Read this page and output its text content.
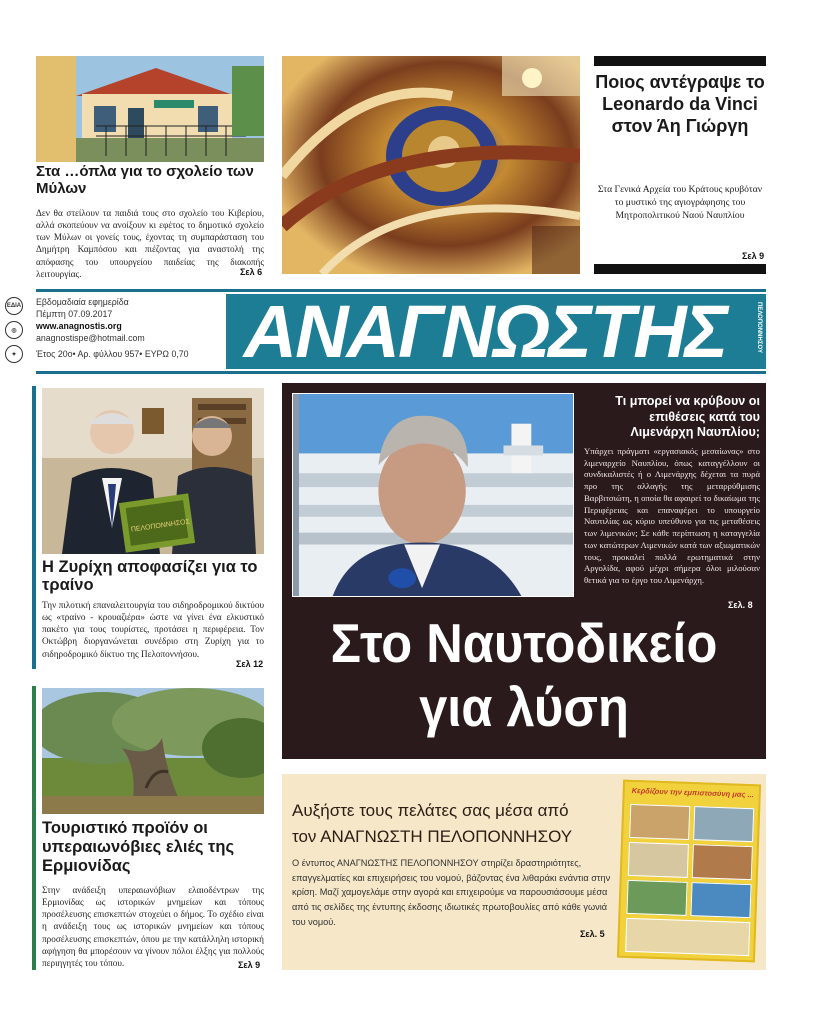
Στα …όπλα για το σχολείο των Μύλων
Δεν θα στείλουν τα παιδιά τους στο σχολείο του Κιβερίου, αλλά σκοπεύουν να ανοίξουν κι εφέτος το δημοτικό σχολείο των Μύλων οι γονείς τους, έχοντας τη συμπαράσταση του Δημήτρη Καμπόσου και πιέζοντας για αναστολή της απόφασης του υπουργείου παιδείας της διακοπής λειτουργίας.	Σελ 6
Ποιος αντέγραψε το Leonardo da Vinci στον Άη Γιώργη
Στα Γενικά Αρχεία του Κράτους κρυβόταν το μυστικό της αγιογράφησης του Μητροπολιτικού Ναού Ναυπλίου
Σελ 9
ΕΔΙΑ
◎
✦
Εβδομαδιαία εφημερίδα
Πέμπτη 07.09.2017
www.anagnostis.org
anagnostispe@hotmail.com
Έτος 20ο• Αρ. φύλλου 957• ΕΥΡΩ 0,70 ΑΝΑΓΝΩΣΤΗΣ	ΠΕΛΟΠΟΝΝΗΣΟΥ
ΠΕΛΟΠΟΝΝΗΣΟΣ
Η Ζυρίχη αποφασίζει για το τραίνο
Την πιλοτική επαναλειτουργία του σιδηροδρομικού δικτύου ως «τραίνο - κρουαζιέρα» ώστε να γίνει ένα ελκυστικό πακέτο για τους τουρίστες, προτάσει η περιφέρεια. Τον Οκτώβρη διοργανώνεται συνέδριο στη Ζυρίχη για το σιδηροδρομικό δίκτυο της Πελοποννήσου.
Σελ 12
Τουριστικό προϊόν οι υπεραιωνόβιες ελιές της Ερμιονίδας
Στην ανάδειξη υπεραιωνόβιων ελαιοδέντρων της Ερμιονίδας ως ιστορικών μνημείων και τόπους προσέλευσης επισκεπτών στοχεύει ο δήμος. Το σχέδιο είναι η ανάδειξη τους ως ιστορικών μνημείων και τόπους προσέλευσης επισκεπτών, όπου με την κατάλληλη ιστορική αφήγηση θα μπορέσουν να γίνουν πόλοι έλξης για πολλούς περιηγητές του τόπου.	Σελ 9
Τι μπορεί να κρύβουν οι επιθέσεις κατά του Λιμενάρχη Ναυπλίου;
Υπάρχει πράγματι «εργασιακός μεσαίωνας» στο λιμεναρχείο Ναυπλίου, όπως καταγγέλλουν οι συνδικαλιστές ή ο Λιμενάρχης δέχεται τα πυρά προ της αλλαγής της μεταρρύθμισης Βαρβιτσιώτη, η οποία θα αφαιρεί το δικαίωμα της Περιφέρειας και επαναφέρει το υπουργείο Ναυτιλίας ως κύριο υπεύθυνο για τις μεταθέσεις των λιμενικών; Σε κάθε περίπτωση η καταγγελία των κατώτερων Λιμενικών κατά των αξιωματικών τους, προκαλεί πολλά ερωτηματικά στην Αργολίδα, αφού μέχρι σήμερα όλοι μιλούσαν θετικά για το έργο του Λιμενάρχη.
Σελ. 8
Στο Ναυτοδικείο για λύση
Αυξήστε τους πελάτες σας μέσα από
τον ΑΝΑΓΝΩΣΤΗ ΠΕΛΟΠΟΝΝΗΣΟΥ
Ο έντυπος ΑΝΑΓΝΩΣΤΗΣ ΠΕΛΟΠΟΝΝΗΣΟΥ στηρίζει δραστηριότητες, επαγγελματίες και επιχειρήσεις του νομού, βάζοντας ένα λιθαράκι ενάντια στην κρίση. Μαζί χαμογελάμε στην αγορά και επιχειρούμε να παρουσιάσουμε μέσα από τις σελίδες της έντυπης έκδοσης ιδιωτικές πρωτοβουλίες από κάθε γωνιά του νομού.
Σελ. 5
Κερδίζουν την εμπιστοσύνη μας ...
